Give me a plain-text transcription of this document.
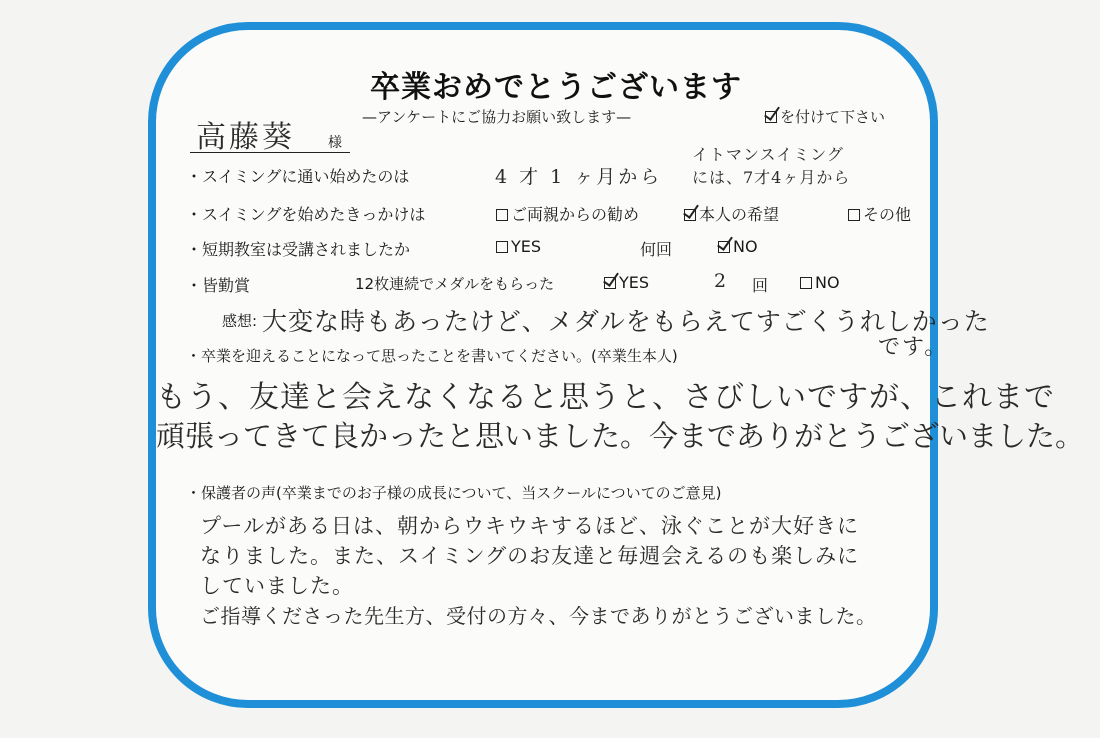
卒業おめでとうございます
—アンケートにご協力お願い致します—	を付けて下さい
高藤葵 様
・スイミングに通い始めたのは	4 才 1 ヶ月から
イトマンスイミング
には、7才4ヶ月から
・スイミングを始めたきっかけは	ご両親からの勧め	本人の希望	その他
・短期教室は受講されましたか	YES	何回	NO
・皆勤賞	12枚連続でメダルをもらった	YES	2 回	NO
感想: 大変な時もあったけど、メダルをもらえてすごくうれしかった
です。
・卒業を迎えることになって思ったことを書いてください。(卒業生本人)
もう、友達と会えなくなると思うと、さびしいですが、これまで
頑張ってきて良かったと思いました。今までありがとうございました。
・保護者の声(卒業までのお子様の成長について、当スクールについてのご意見)
プールがある日は、朝からウキウキするほど、泳ぐことが大好きに
なりました。また、スイミングのお友達と毎週会えるのも楽しみに
していました。
ご指導くださった先生方、受付の方々、今までありがとうございました。
